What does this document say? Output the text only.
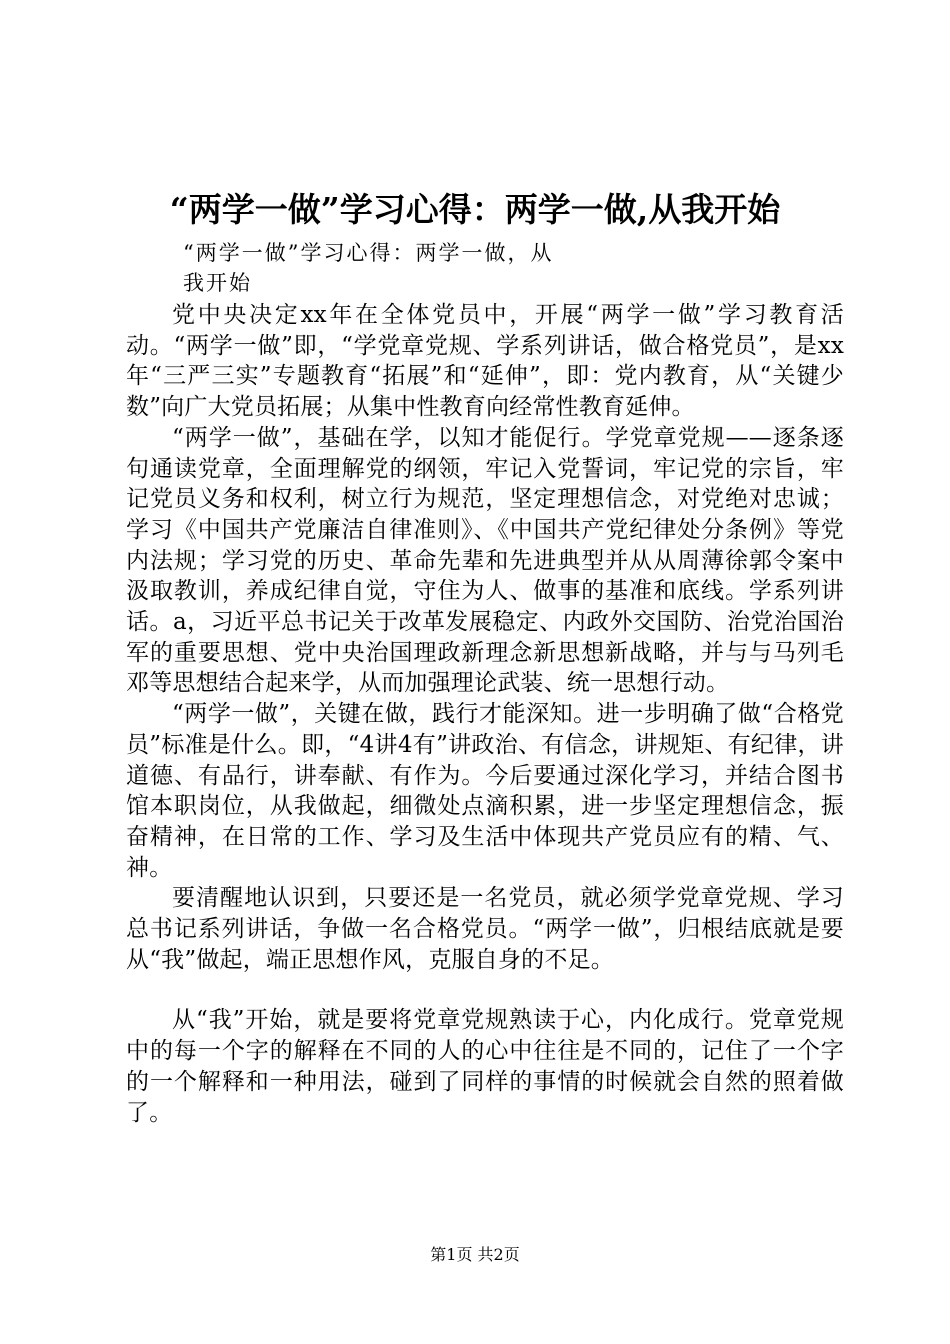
“两学一做”学习心得：两学一做,从我开始
“两学一做”学习心得：两学一做，从
我开始

党中央决定xx年在全体党员中，开展“两学一做”学习教育活动。“两学一做”即，“学党章党规、学系列讲话，做合格党员”，是xx年“三严三实”专题教育“拓展”和“延伸”，即：党内教育，从“关键少数”向广大党员拓展；从集中性教育向经常性教育延伸。

“两学一做”，基础在学，以知才能促行。学党章党规——逐条逐句通读党章，全面理解党的纲领，牢记入党誓词，牢记党的宗旨，牢记党员义务和权利，树立行为规范，坚定理想信念，对党绝对忠诚；学习《中国共产党廉洁自律准则》、《中国共产党纪律处分条例》等党内法规；学习党的历史、革命先辈和先进典型并从从周薄徐郭令案中汲取教训，养成纪律自觉，守住为人、做事的基准和底线。学系列讲话。a，习近平总书记关于改革发展稳定、内政外交国防、治党治国治军的重要思想、党中央治国理政新理念新思想新战略，并与与马列毛邓等思想结合起来学，从而加强理论武装、统一思想行动。

“两学一做”，关键在做，践行才能深知。进一步明确了做“合格党员”标准是什么。即，“4讲4有”讲政治、有信念，讲规矩、有纪律，讲道德、有品行，讲奉献、有作为。今后要通过深化学习，并结合图书馆本职岗位，从我做起，细微处点滴积累，进一步坚定理想信念，振奋精神，在日常的工作、学习及生活中体现共产党员应有的精、气、神。

要清醒地认识到，只要还是一名党员，就必须学党章党规、学习总书记系列讲话，争做一名合格党员。“两学一做”，归根结底就是要从“我”做起，端正思想作风，克服自身的不足。

从“我”开始，就是要将党章党规熟读于心，内化成行。党章党规中的每一个字的解释在不同的人的心中往往是不同的，记住了一个字的一个解释和一种用法，碰到了同样的事情的时候就会自然的照着做了。

第1页 共2页
